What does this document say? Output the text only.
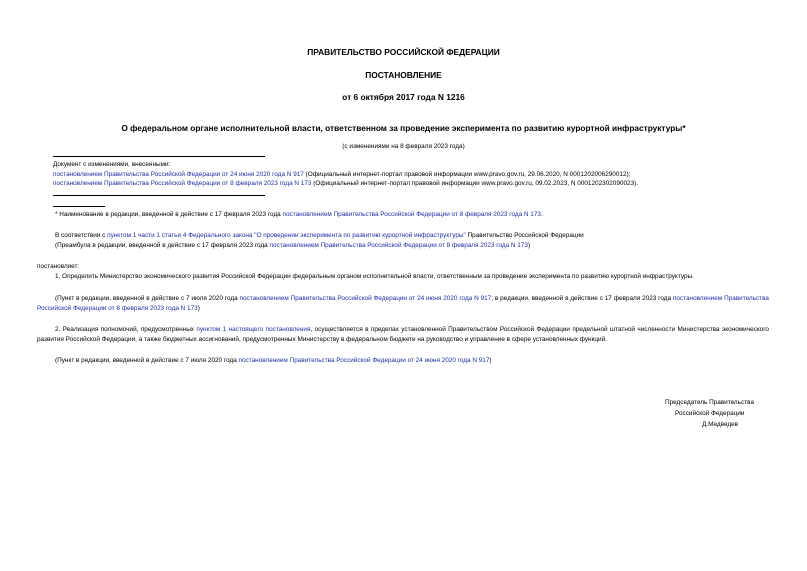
ПРАВИТЕЛЬСТВО РОССИЙСКОЙ ФЕДЕРАЦИИ
ПОСТАНОВЛЕНИЕ
от 6 октября 2017 года N 1216
О федеральном органе исполнительной власти, ответственном за проведение эксперимента по развитию курортной инфраструктуры*
(с изменениями на 8 февраля 2023 года)
Документ с изменениями, внесенными:
постановлением Правительства Российской Федерации от 24 июня 2020 года N 917 (Официальный интернет-портал правовой информации www.pravo.gov.ru, 29.06.2020, N 0001202006290012);
постановлением Правительства Российской Федерации от 8 февраля 2023 года N 173 (Официальный интернет-портал правовой информации www.pravo.gov.ru, 09.02.2023, N 0001202302090023).
* Наименование в редакции, введенной в действие с 17 февраля 2023 года постановлением Правительства Российской Федерации от 8 февраля 2023 года N 173.
В соответствии с пунктом 1 части 1 статьи 4 Федерального закона "О проведении эксперимента по развитию курортной инфраструктуры" Правительство Российской Федерации
(Преамбула в редакции, введенной в действие с 17 февраля 2023 года постановлением Правительства Российской Федерации от 8 февраля 2023 года N 173)
постановляет:
1. Определить Министерство экономического развития Российской Федерации федеральным органом исполнительной власти, ответственным за проведение эксперимента по развитию курортной инфраструктуры.
(Пункт в редакции, введенной в действие с 7 июля 2020 года постановлением Правительства Российской Федерации от 24 июня 2020 года N 917; в редакции, введенной в действие с 17 февраля 2023 года постановлением Правительства Российской Федерации от 8 февраля 2023 года N 173)
2. Реализация полномочий, предусмотренных пунктом 1 настоящего постановления, осуществляется в пределах установленной Правительством Российской Федерации предельной штатной численности Министерства экономического развития Российской Федерации, а также бюджетных ассигнований, предусмотренных Министерству в федеральном бюджете на руководство и управление в сфере установленных функций.
(Пункт в редакции, введенной в действие с 7 июля 2020 года постановлением Правительства Российской Федерации от 24 июня 2020 года N 917)
Председатель Правительства
Российской Федерации
Д.Медведев
